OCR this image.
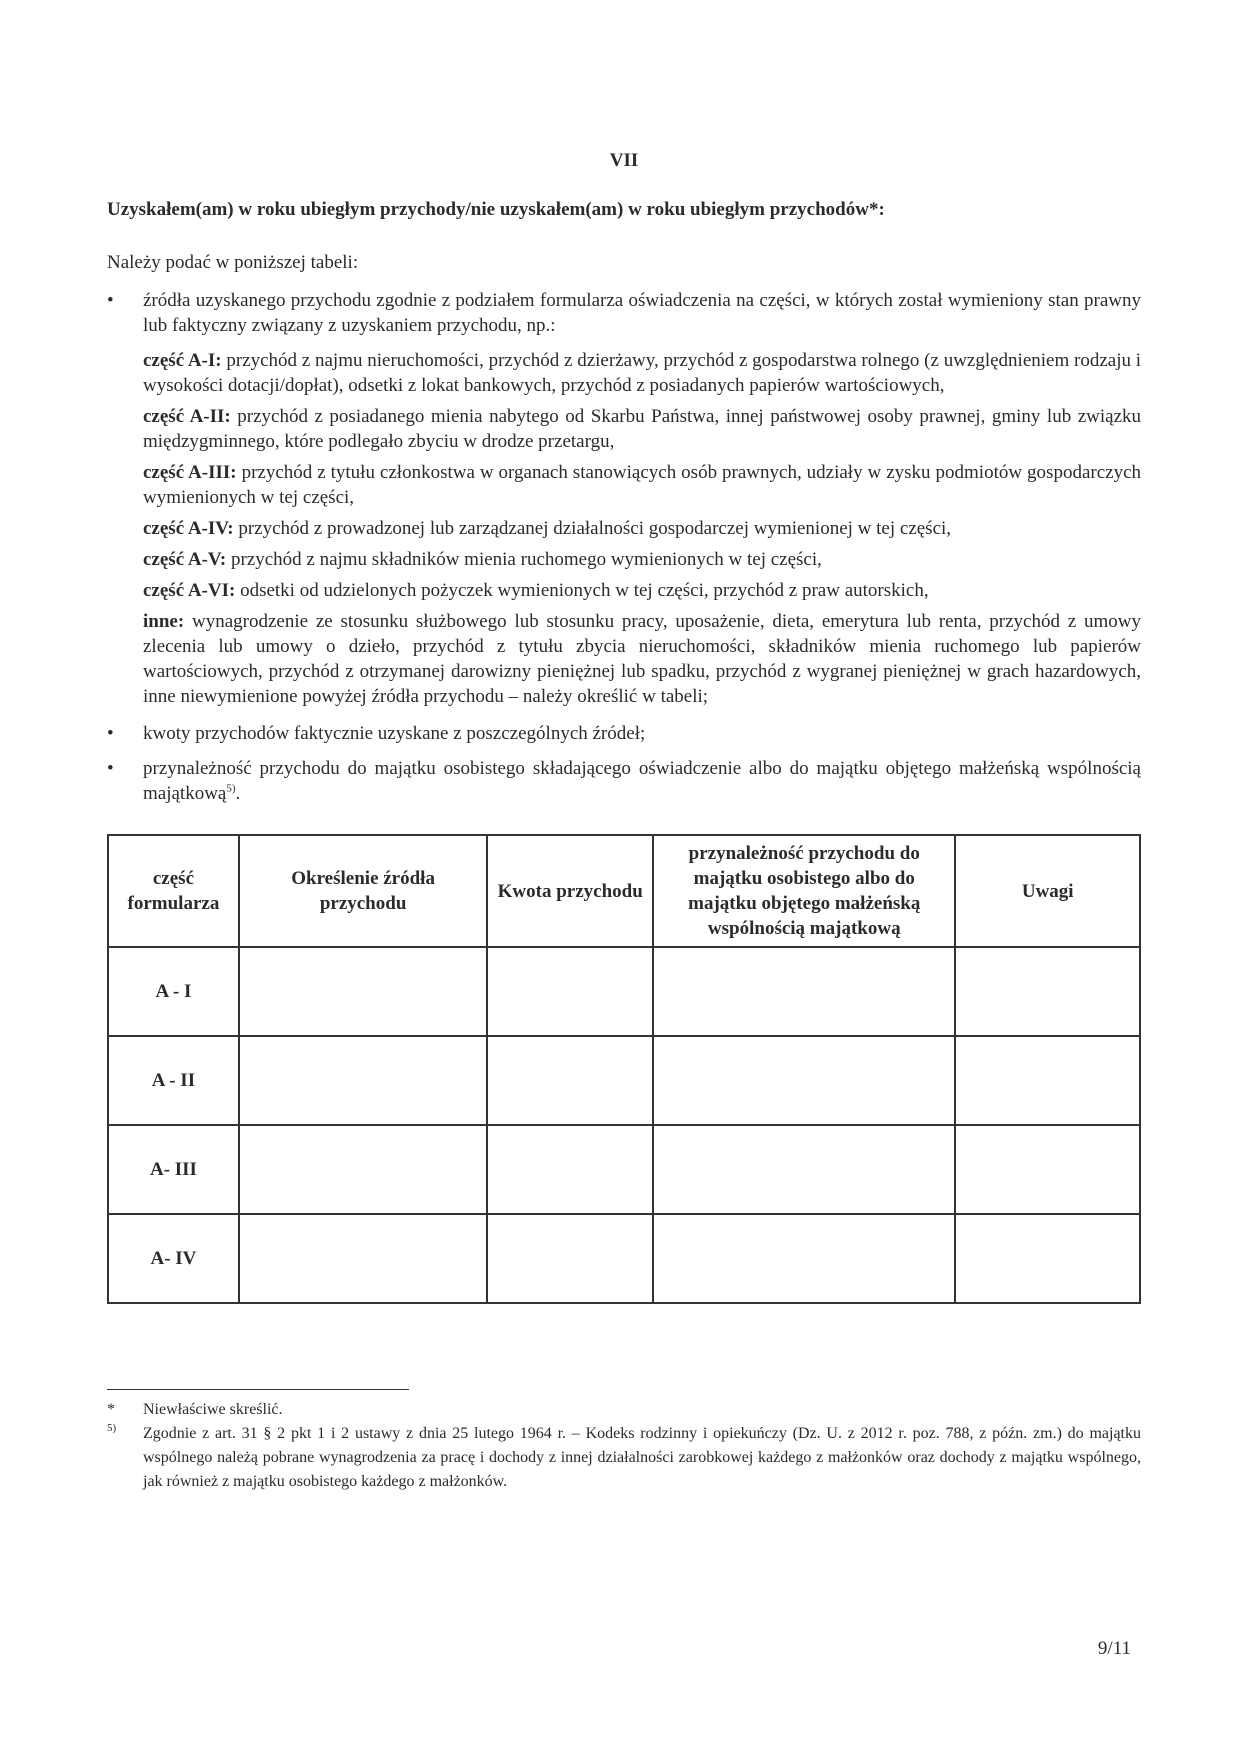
VII
Uzyskałem(am) w roku ubiegłym przychody/nie uzyskałem(am) w roku ubiegłym przychodów*:
Należy podać w poniższej tabeli:
• źródła uzyskanego przychodu zgodnie z podziałem formularza oświadczenia na części, w których został wymieniony stan prawny lub faktyczny związany z uzyskaniem przychodu, np.:
część A-I: przychód z najmu nieruchomości, przychód z dzierżawy, przychód z gospodarstwa rolnego (z uwzględnieniem rodzaju i wysokości dotacji/dopłat), odsetki z lokat bankowych, przychód z posiadanych papierów wartościowych,
część A-II: przychód z posiadanego mienia nabytego od Skarbu Państwa, innej państwowej osoby prawnej, gminy lub związku międzygminnego, które podlegało zbyciu w drodze przetargu,
część A-III: przychód z tytułu członkostwa w organach stanowiących osób prawnych, udziały w zysku podmiotów gospodarczych wymienionych w tej części,
część A-IV: przychód z prowadzonej lub zarządzanej działalności gospodarczej wymienionej w tej części,
część A-V: przychód z najmu składników mienia ruchomego wymienionych w tej części,
część A-VI: odsetki od udzielonych pożyczek wymienionych w tej części, przychód z praw autorskich,
inne: wynagrodzenie ze stosunku służbowego lub stosunku pracy, uposażenie, dieta, emerytura lub renta, przychód z umowy zlecenia lub umowy o dzieło, przychód z tytułu zbycia nieruchomości, składników mienia ruchomego lub papierów wartościowych, przychód z otrzymanej darowizny pieniężnej lub spadku, przychód z wygranej pieniężnej w grach hazardowych, inne niewymienione powyżej źródła przychodu – należy określić w tabeli;
• kwoty przychodów faktycznie uzyskane z poszczególnych źródeł;
• przynależność przychodu do majątku osobistego składającego oświadczenie albo do majątku objętego małżeńską wspólnością majątkową$^{5)}$.
część formularza	Określenie źródła przychodu	Kwota przychodu	przynależność przychodu do majątku osobistego albo do majątku objętego małżeńską wspólnością majątkową	Uwagi
A - I				
A - II				
A- III				
A- IV				
* Niewłaściwe skreślić.
5) Zgodnie z art. 31 § 2 pkt 1 i 2 ustawy z dnia 25 lutego 1964 r. – Kodeks rodzinny i opiekuńczy (Dz. U. z 2012 r. poz. 788, z późn. zm.) do majątku wspólnego należą pobrane wynagrodzenia za pracę i dochody z innej działalności zarobkowej każdego z małżonków oraz dochody z majątku wspólnego, jak również z majątku osobistego każdego z małżonków.
9/11
